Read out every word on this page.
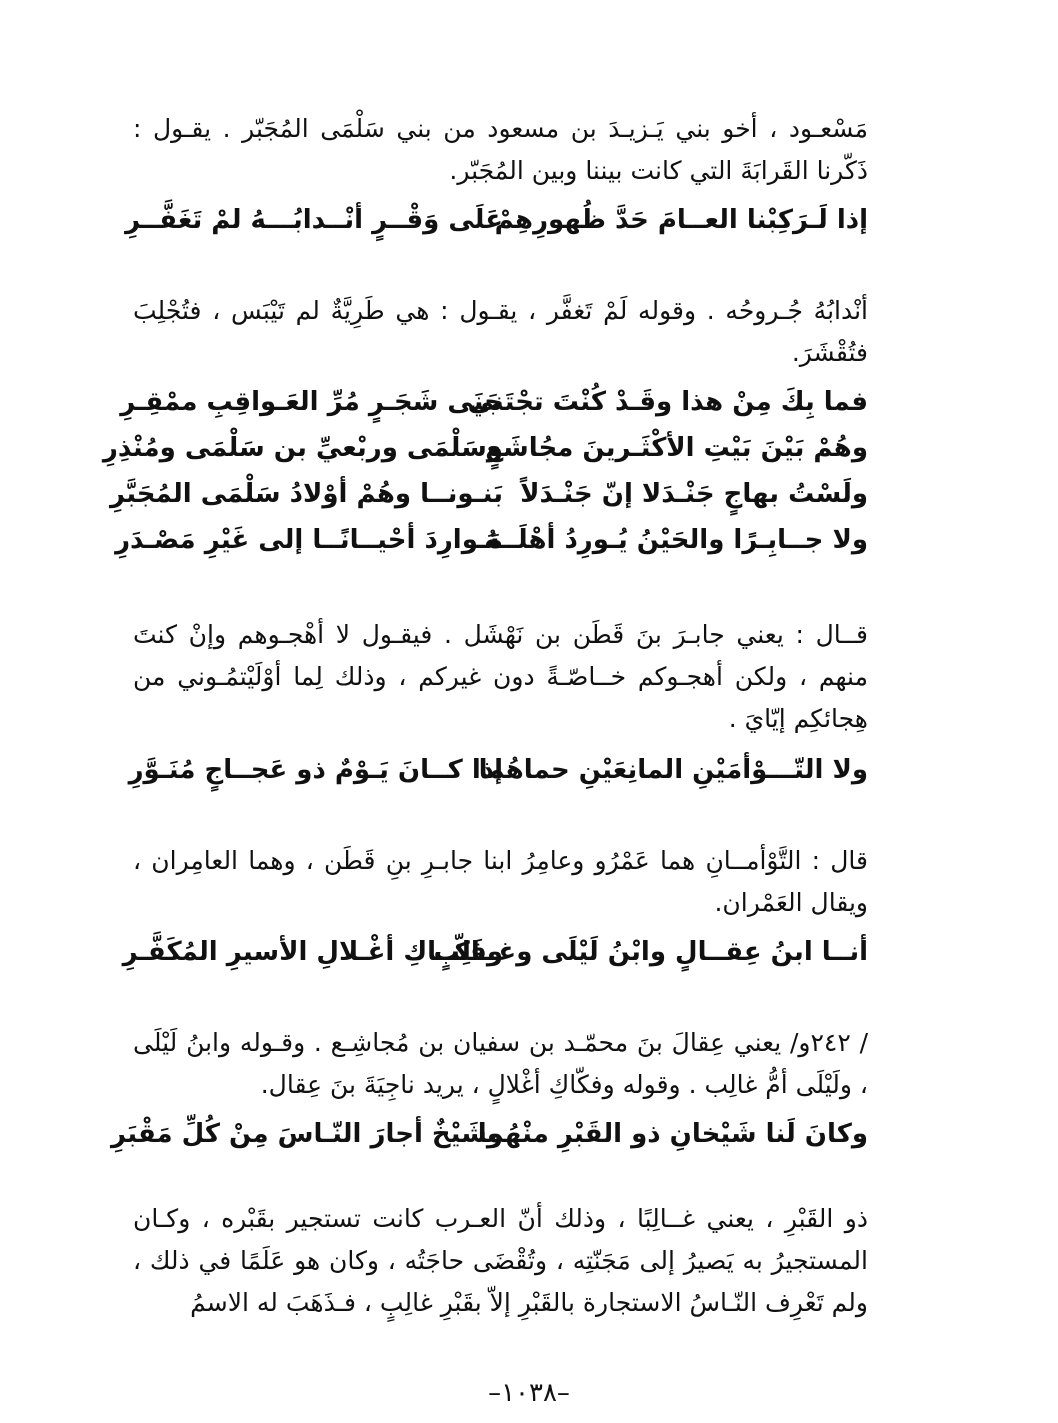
مَسْعـود ، أخو بني يَـزيـدَ بن مسعود من بني سَلْمَى المُجَبّر . يقـول : ذَكّرنا القَرابَةَ التي كانت بيننا وبين المُجَبّر.
إذا لَـرَكِبْنا العــامَ حَدَّ ظُهورِهِمْ
عَلَى وَقْــرٍ أنْــدابُـــهُ لمْ تَغَفَّــرِ
أنْدابُهُ جُـروحُه . وقوله لَمْ تَغفَّر ، يقـول : هي طَرِيَّةٌ لم تَيْبَس ، فتُجْلِبَ فتُقْشَرَ.
فما بِكَ مِنْ هذا وقَـدْ كُنْتَ تجْتَني
جَنَى شَجَـرٍ مُرِّ العَـواقِبِ ممْقِـرِ
وهُمْ بَيْنَ بَيْتِ الأكْثَـرينَ مجُاشَعٍ
وسَلْمَى وربْعيِّ بن سَلْمَى ومُنْذِرِ
ولَسْتُ بهاجٍ جَنْـدَلا إنّ جَنْـدَلاً
بَنـونــا وهُمْ أوْلادُ سَلْمَى المُجَبَّرِ
ولا جــابِـرًا والحَيْنُ يُـورِدُ أهْلَــهُ
مَـوارِدَ أحْيــانًــا إلى غَيْرِ مَصْـدَرِ
قــال : يعني جابـرَ بنَ قَطَن بن نَهْشَل . فيقـول لا أهْجـوهم وإنْ كنتَ منهم ، ولكن أهجـوكم خــاصّـةً دون غيركم ، وذلك لِما أوْلَيْتمُـوني من هِجائكِم إيّايَ .
ولا التّـــوْأمَيْنِ المانِعَيْنِ حماهُما
إذا كــانَ يَـوْمٌ ذو عَجــاجٍ مُنَـوَّرِ
قال : التَّوْأمــانِ هما عَمْرُو وعامِرُ ابنا جابـرِ بنِ قَطَن ، وهما العامِران ، ويقال العَمْران.
أنــا ابنُ عِقــالٍ وابْنُ لَيْلَى وغــالِبٍ
وفَكّــاكِ أغْـلالِ الأسيرِ المُكَفَّـرِ
/ ٢٤٢و/ يعني عِقالَ بنَ محمّـد بن سفيان بن مُجاشِـع . وقـوله وابنُ لَيْلَى ، ولَيْلَى أمُّ غالِب . وقوله وفكّاكِ أغْلالٍ ، يريد ناجِيَةَ بنَ عِقال.
وكانَ لَنا شَيْخانِ ذو القَبْرِ منْهُما
وشَيْخٌ أجارَ النّـاسَ مِنْ كُلِّ مَقْبَرِ
ذو القَبْرِ ، يعني غــالِبًا ، وذلك أنّ العـرب كانت تستجير بقَبْره ، وكـان المستجيرُ به يَصيرُ إلى مَجَنّتِه ، وتُقْضَى حاجَتُه ، وكان هو عَلَمًا في ذلك ، ولم تَعْرِف النّـاسُ الاستجارة بالقَبْرِ إلاّ بقَبْرِ غالِبٍ ، فـذَهَبَ له الاسمُ
–١٠٣٨–
